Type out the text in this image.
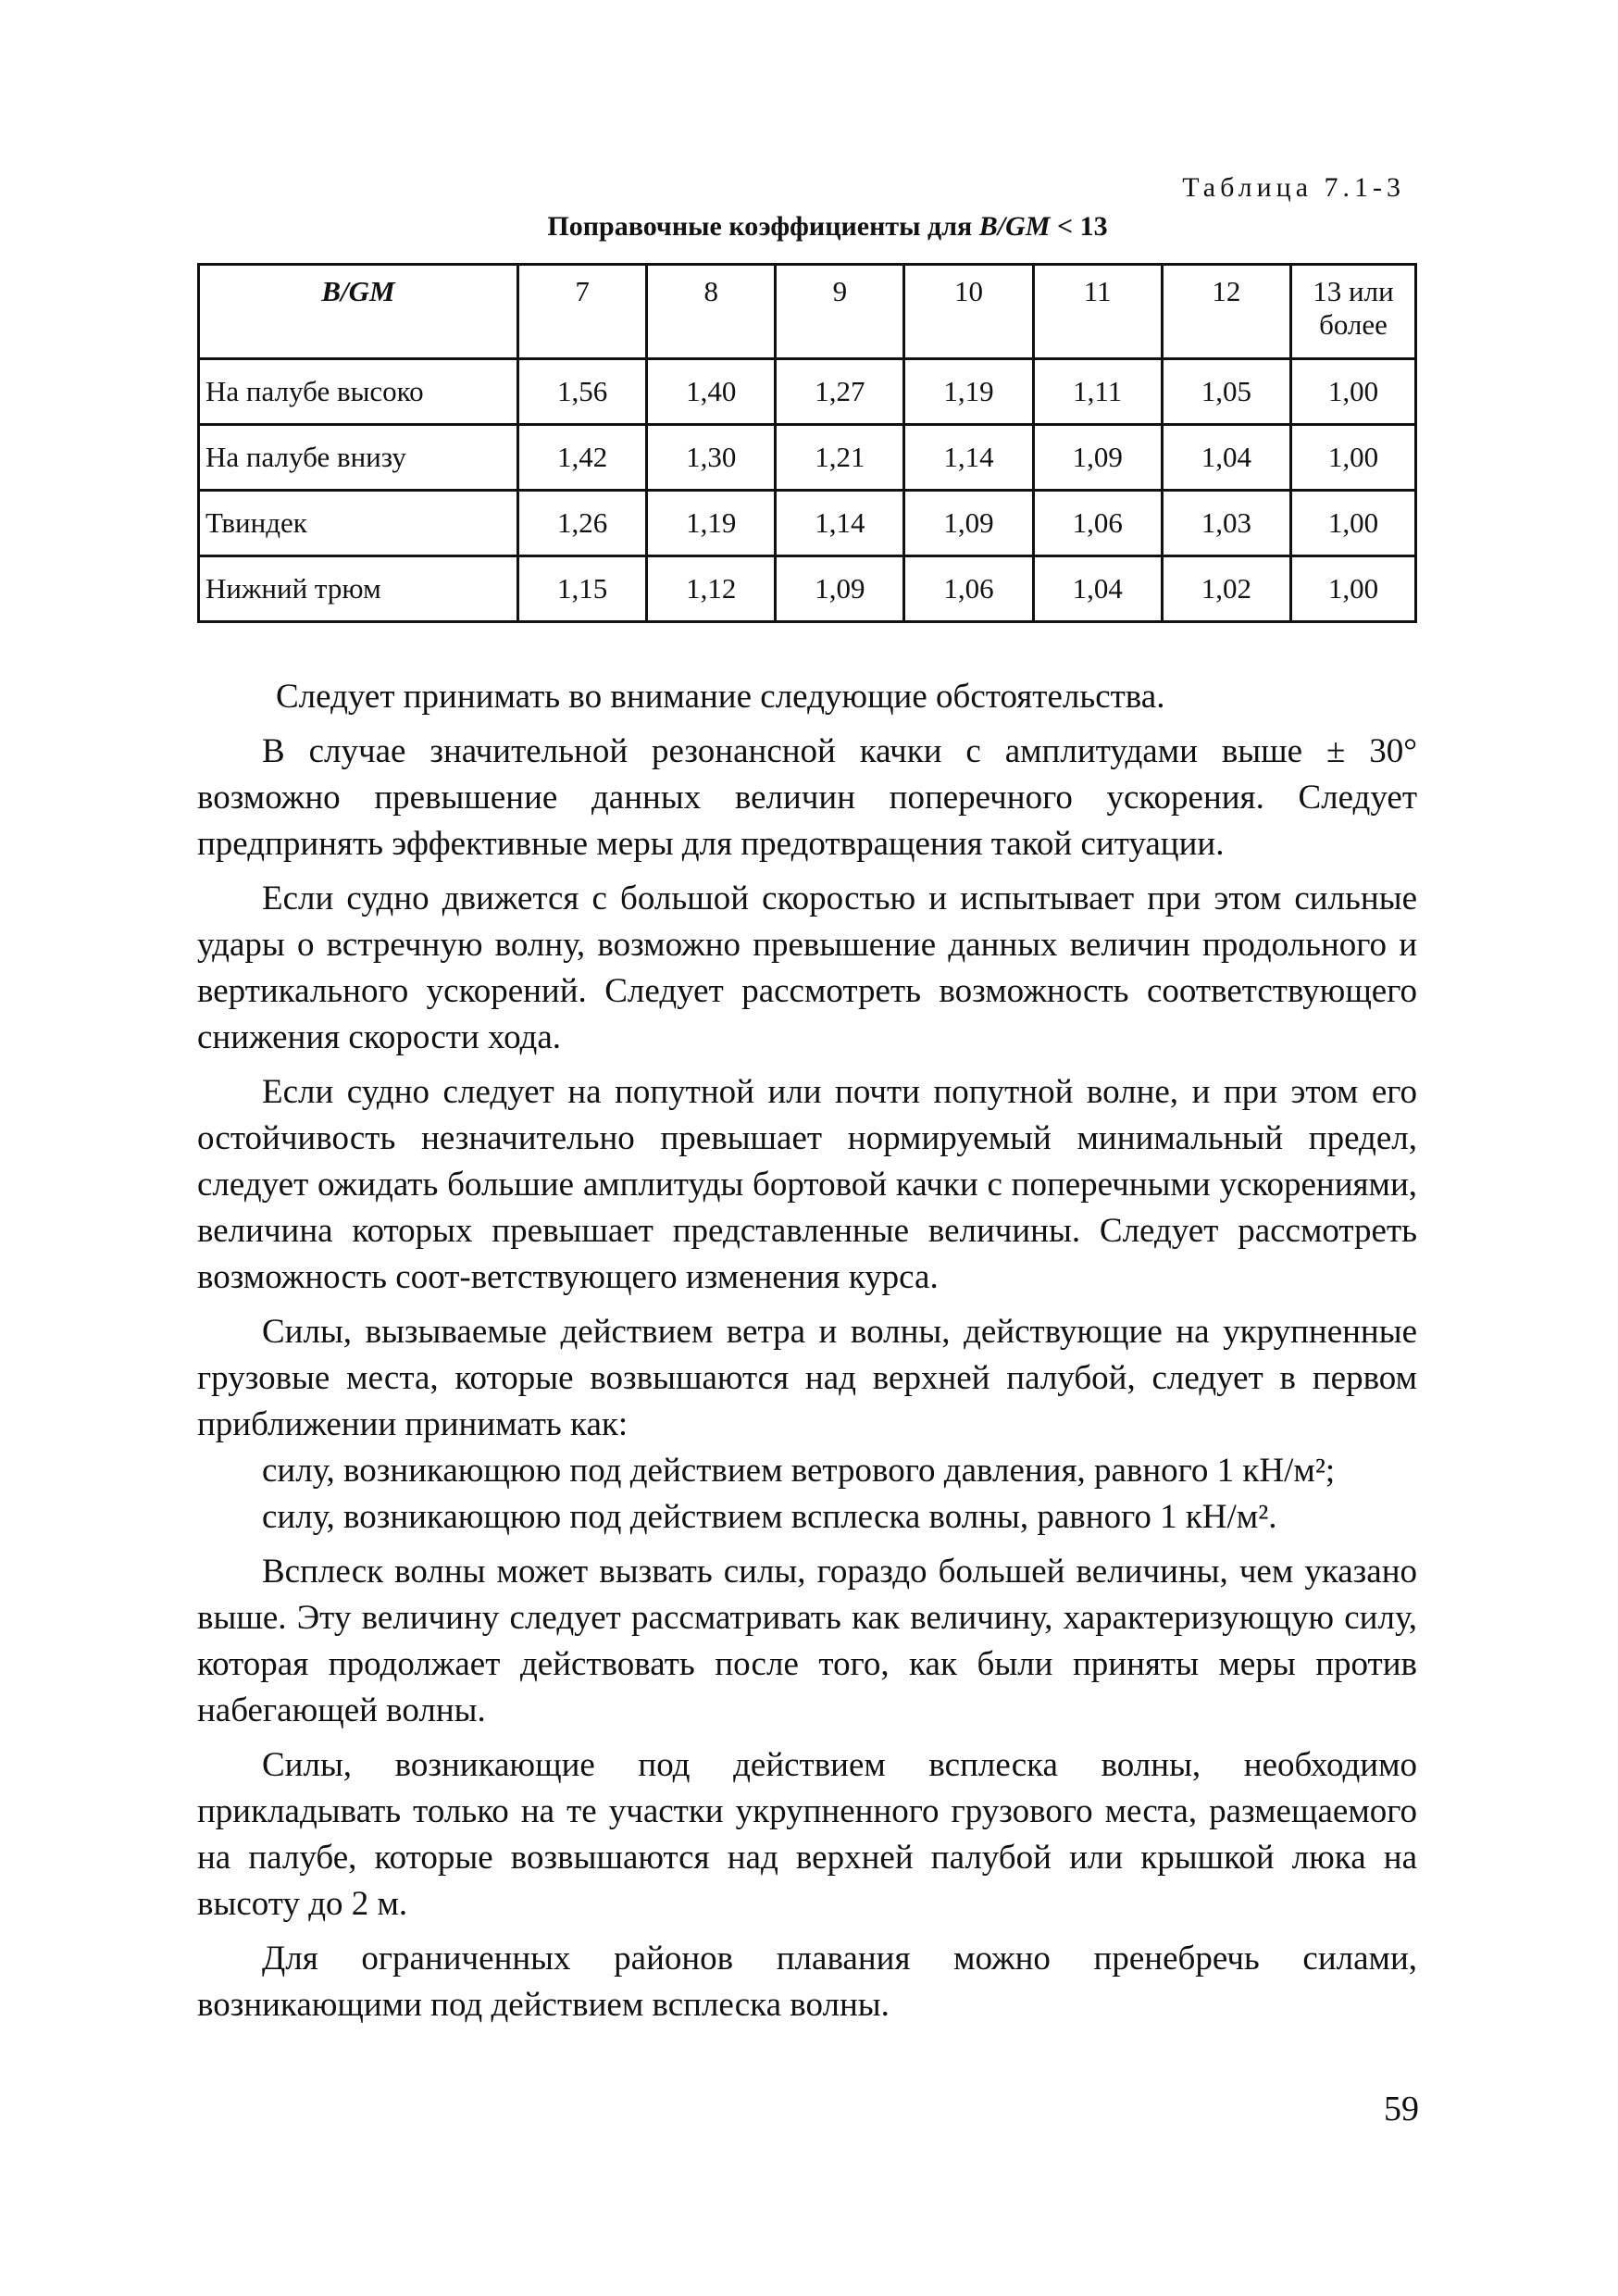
Таблица 7.1-3
Поправочные коэффициенты для B/GM < 13
B/GM	7	8	9	10	11	12	13 или более
На палубе высоко	1,56	1,40	1,27	1,19	1,11	1,05	1,00
На палубе внизу	1,42	1,30	1,21	1,14	1,09	1,04	1,00
Твиндек	1,26	1,19	1,14	1,09	1,06	1,03	1,00
Нижний трюм	1,15	1,12	1,09	1,06	1,04	1,02	1,00

Следует принимать во внимание следующие обстоятельства.

В случае значительной резонансной качки с амплитудами выше ± 30° возможно превышение данных величин поперечного ускорения. Следует предпринять эффективные меры для предотвращения такой ситуации.

Если судно движется с большой скоростью и испытывает при этом сильные удары о встречную волну, возможно превышение данных величин продольного и вертикального ускорений. Следует рассмотреть возможность соответствующего снижения скорости хода.

Если судно следует на попутной или почти попутной волне, и при этом его остойчивость незначительно превышает нормируемый минимальный предел, следует ожидать большие амплитуды бортовой качки с поперечными ускорениями, величина которых превышает представленные величины. Следует рассмотреть возможность соот-ветствующего изменения курса.

Силы, вызываемые действием ветра и волны, действующие на укрупненные грузовые места, которые возвышаются над верхней палубой, следует в первом приближении принимать как:

силу, возникающюю под действием ветрового давления, равного 1 кН/м²;

силу, возникающюю под действием всплеска волны, равного 1 кН/м².

Всплеск волны может вызвать силы, гораздо большей величины, чем указано выше. Эту величину следует рассматривать как величину, характеризующую силу, которая продолжает действовать после того, как были приняты меры против набегающей волны.

Силы, возникающие под действием всплеска волны, необходимо прикладывать только на те участки укрупненного грузового места, размещаемого на палубе, которые возвышаются над верхней палубой или крышкой люка на высоту до 2 м.

Для ограниченных районов плавания можно пренебречь силами, возникающими под действием всплеска волны.

59
